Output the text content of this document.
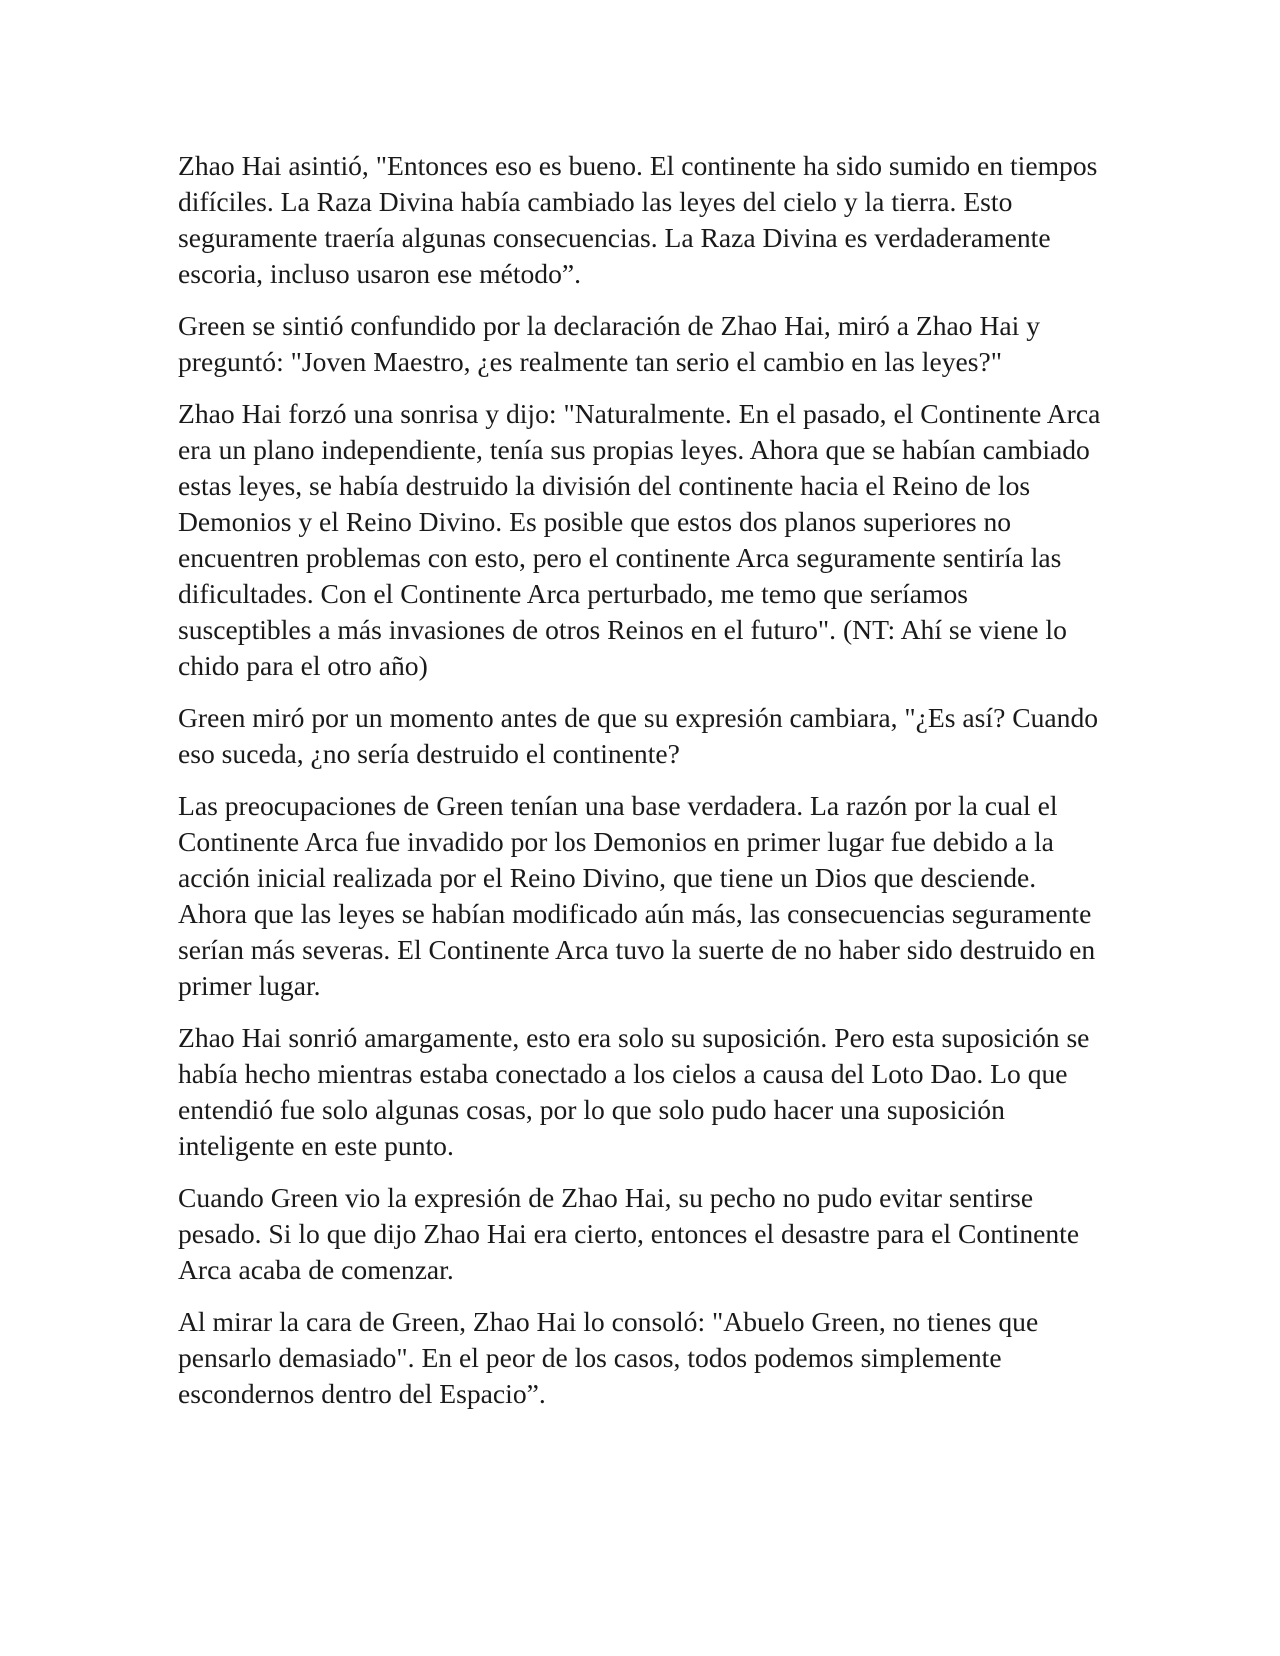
Zhao Hai asintió, "Entonces eso es bueno. El continente ha sido sumido en tiempos difíciles. La Raza Divina había cambiado las leyes del cielo y la tierra. Esto seguramente traería algunas consecuencias. La Raza Divina es verdaderamente escoria, incluso usaron ese método”.

Green se sintió confundido por la declaración de Zhao Hai, miró a Zhao Hai y preguntó: "Joven Maestro, ¿es realmente tan serio el cambio en las leyes?"

Zhao Hai forzó una sonrisa y dijo: "Naturalmente. En el pasado, el Continente Arca era un plano independiente, tenía sus propias leyes. Ahora que se habían cambiado estas leyes, se había destruido la división del continente hacia el Reino de los Demonios y el Reino Divino. Es posible que estos dos planos superiores no encuentren problemas con esto, pero el continente Arca seguramente sentiría las dificultades. Con el Continente Arca perturbado, me temo que seríamos susceptibles a más invasiones de otros Reinos en el futuro". (NT: Ahí se viene lo chido para el otro año)

Green miró por un momento antes de que su expresión cambiara, "¿Es así? Cuando eso suceda, ¿no sería destruido el continente?

Las preocupaciones de Green tenían una base verdadera. La razón por la cual el Continente Arca fue invadido por los Demonios en primer lugar fue debido a la acción inicial realizada por el Reino Divino, que tiene un Dios que desciende. Ahora que las leyes se habían modificado aún más, las consecuencias seguramente serían más severas. El Continente Arca tuvo la suerte de no haber sido destruido en primer lugar.

Zhao Hai sonrió amargamente, esto era solo su suposición. Pero esta suposición se había hecho mientras estaba conectado a los cielos a causa del Loto Dao. Lo que entendió fue solo algunas cosas, por lo que solo pudo hacer una suposición inteligente en este punto.

Cuando Green vio la expresión de Zhao Hai, su pecho no pudo evitar sentirse pesado. Si lo que dijo Zhao Hai era cierto, entonces el desastre para el Continente Arca acaba de comenzar.

Al mirar la cara de Green, Zhao Hai lo consoló: "Abuelo Green, no tienes que pensarlo demasiado". En el peor de los casos, todos podemos simplemente escondernos dentro del Espacio”.
